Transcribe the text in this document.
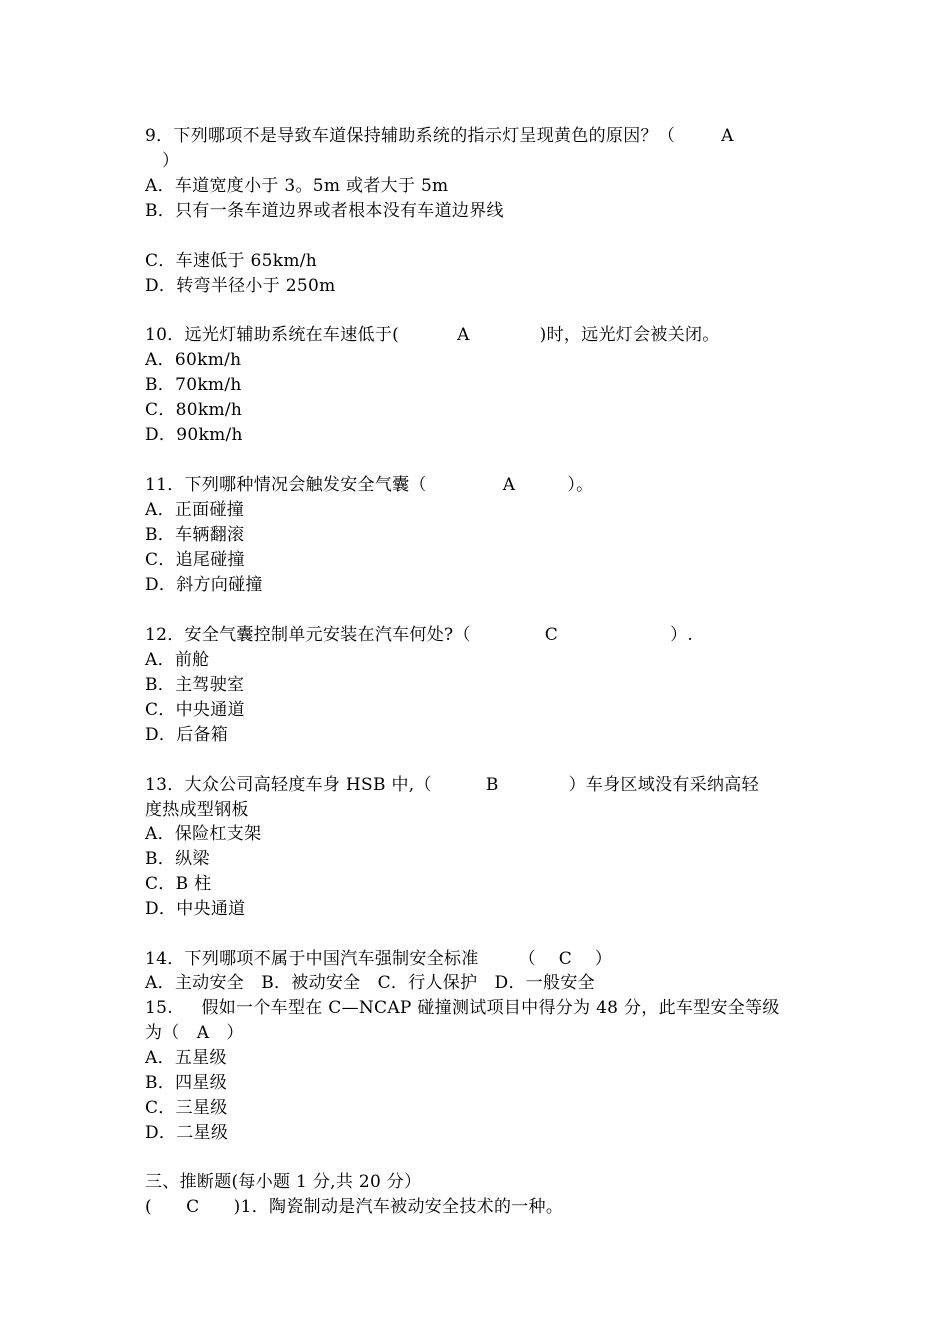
9．下列哪项不是导致车道保持辅助系统的指示灯呈现黄色的原因？（	A
）
A．车道宽度小于 3。5m 或者大于 5m
B．只有一条车道边界或者根本没有车道边界线
C．车速低于 65km/h
D．转弯半径小于 250m
10．远光灯辅助系统在车速低于(	A	)时，远光灯会被关闭。
A．60km/h
B．70km/h
C．80km/h
D．90km/h
11．下列哪种情况会触发安全气囊（	A	）。
A．正面碰撞
B．车辆翻滚
C．追尾碰撞
D．斜方向碰撞
12．安全气囊控制单元安装在汽车何处?（	C	）.
A．前舱
B．主驾驶室
C．中央通道
D．后备箱
13．大众公司高轻度车身 HSB 中,（	B	）车身区域没有采纳高轻
度热成型钢板
A．保险杠支架
B．纵梁
C．B 柱
D．中央通道
14．下列哪项不属于中国汽车强制安全标准 （    C    ）
A．主动安全   B．被动安全   C．行人保护   D．一般安全
15.     假如一个车型在 C—NCAP 碰撞测试项目中得分为 48 分，此车型安全等级
为（   A   ）
A．五星级
B．四星级
C．三星级
D．二星级
三、推断题(每小题 1 分,共 20 分）
(      C      )1．陶瓷制动是汽车被动安全技术的一种。
